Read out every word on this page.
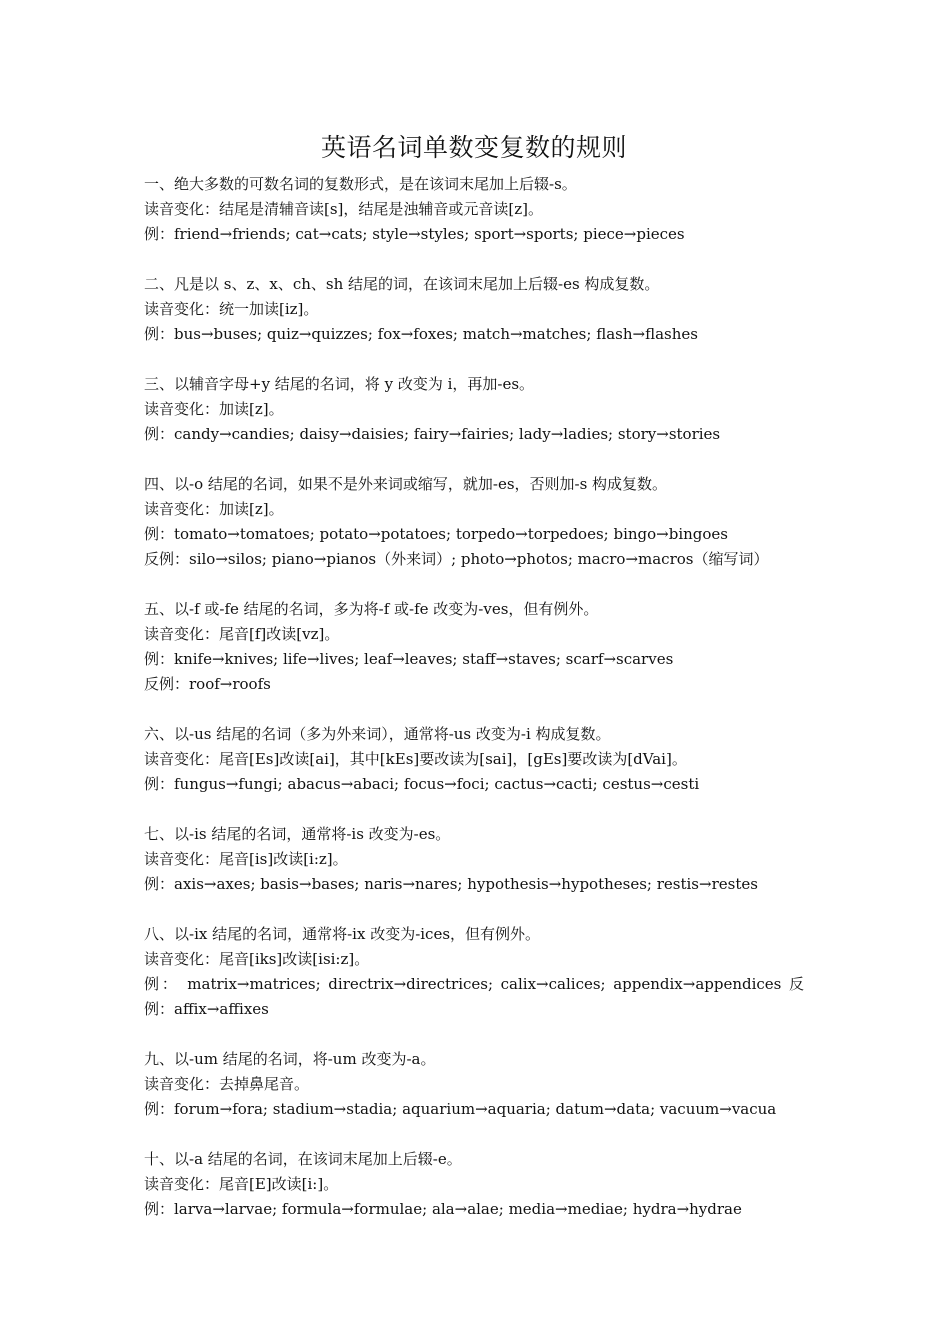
英语名词单数变复数的规则
一、绝大多数的可数名词的复数形式，是在该词末尾加上后辍-s。
读音变化：结尾是清辅音读[s]，结尾是浊辅音或元音读[z]。
例：friend→friends; cat→cats; style→styles; sport→sports; piece→pieces
二、凡是以 s、z、x、ch、sh 结尾的词，在该词末尾加上后辍-es 构成复数。
读音变化：统一加读[iz]。
例：bus→buses; quiz→quizzes; fox→foxes; match→matches; flash→flashes
三、以辅音字母+y 结尾的名词，将 y 改变为 i，再加-es。
读音变化：加读[z]。
例：candy→candies; daisy→daisies; fairy→fairies; lady→ladies; story→stories
四、以-o 结尾的名词，如果不是外来词或缩写，就加-es，否则加-s 构成复数。
读音变化：加读[z]。
例：tomato→tomatoes; potato→potatoes; torpedo→torpedoes; bingo→bingoes
反例：silo→silos; piano→pianos（外来词）; photo→photos; macro→macros（缩写词）
五、以-f 或-fe 结尾的名词，多为将-f 或-fe 改变为-ves，但有例外。
读音变化：尾音[f]改读[vz]。
例：knife→knives; life→lives; leaf→leaves; staff→staves; scarf→scarves
反例：roof→roofs
六、以-us 结尾的名词（多为外来词），通常将-us 改变为-i 构成复数。
读音变化：尾音[Es]改读[ai]，其中[kEs]要改读为[sai]，[gEs]要改读为[dVai]。
例：fungus→fungi; abacus→abaci; focus→foci; cactus→cacti; cestus→cesti
七、以-is 结尾的名词，通常将-is 改变为-es。
读音变化：尾音[is]改读[i:z]。
例：axis→axes; basis→bases; naris→nares; hypothesis→hypotheses; restis→restes
八、以-ix 结尾的名词，通常将-ix 改变为-ices，但有例外。
读音变化：尾音[iks]改读[isi:z]。
例： matrix→matrices; directrix→directrices; calix→calices; appendix→appendices 反例：affix→affixes
九、以-um 结尾的名词，将-um 改变为-a。
读音变化：去掉鼻尾音。
例：forum→fora; stadium→stadia; aquarium→aquaria; datum→data; vacuum→vacua
十、以-a 结尾的名词，在该词末尾加上后辍-e。
读音变化：尾音[E]改读[i:]。
例：larva→larvae; formula→formulae; ala→alae; media→mediae; hydra→hydrae
